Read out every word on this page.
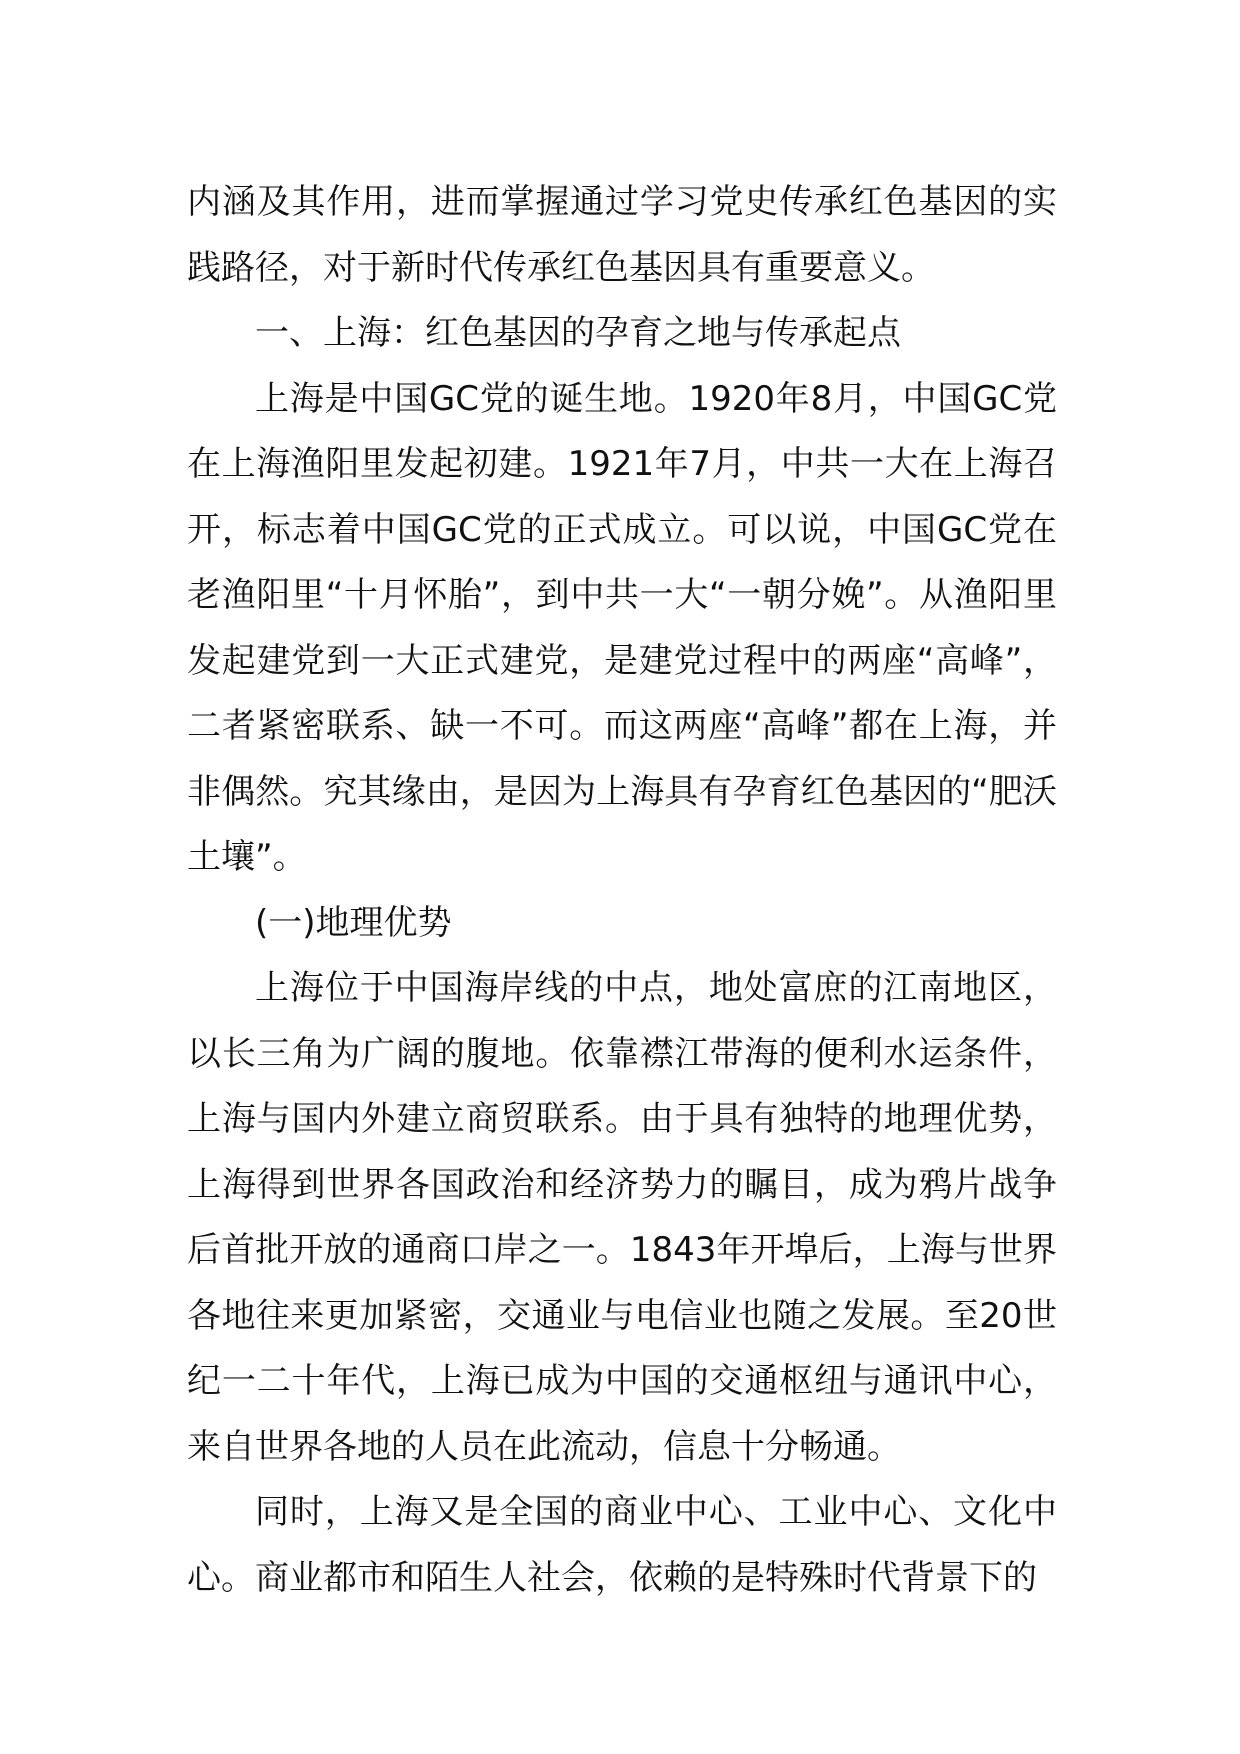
内涵及其作用，进而掌握通过学习党史传承红色基因的实践路径，对于新时代传承红色基因具有重要意义。

一、上海：红色基因的孕育之地与传承起点

上海是中国GC党的诞生地。1920年8月，中国GC党在上海渔阳里发起初建。1921年7月，中共一大在上海召开，标志着中国GC党的正式成立。可以说，中国GC党在老渔阳里“十月怀胎”，到中共一大“一朝分娩”。从渔阳里发起建党到一大正式建党，是建党过程中的两座“高峰”，二者紧密联系、缺一不可。而这两座“高峰”都在上海，并非偶然。究其缘由，是因为上海具有孕育红色基因的“肥沃土壤”。

(一)地理优势

上海位于中国海岸线的中点，地处富庶的江南地区，以长三角为广阔的腹地。依靠襟江带海的便利水运条件，上海与国内外建立商贸联系。由于具有独特的地理优势，上海得到世界各国政治和经济势力的瞩目，成为鸦片战争后首批开放的通商口岸之一。1843年开埠后，上海与世界各地往来更加紧密，交通业与电信业也随之发展。至20世纪一二十年代，上海已成为中国的交通枢纽与通讯中心，来自世界各地的人员在此流动，信息十分畅通。

同时，上海又是全国的商业中心、工业中心、文化中心。商业都市和陌生人社会，依赖的是特殊时代背景下的
